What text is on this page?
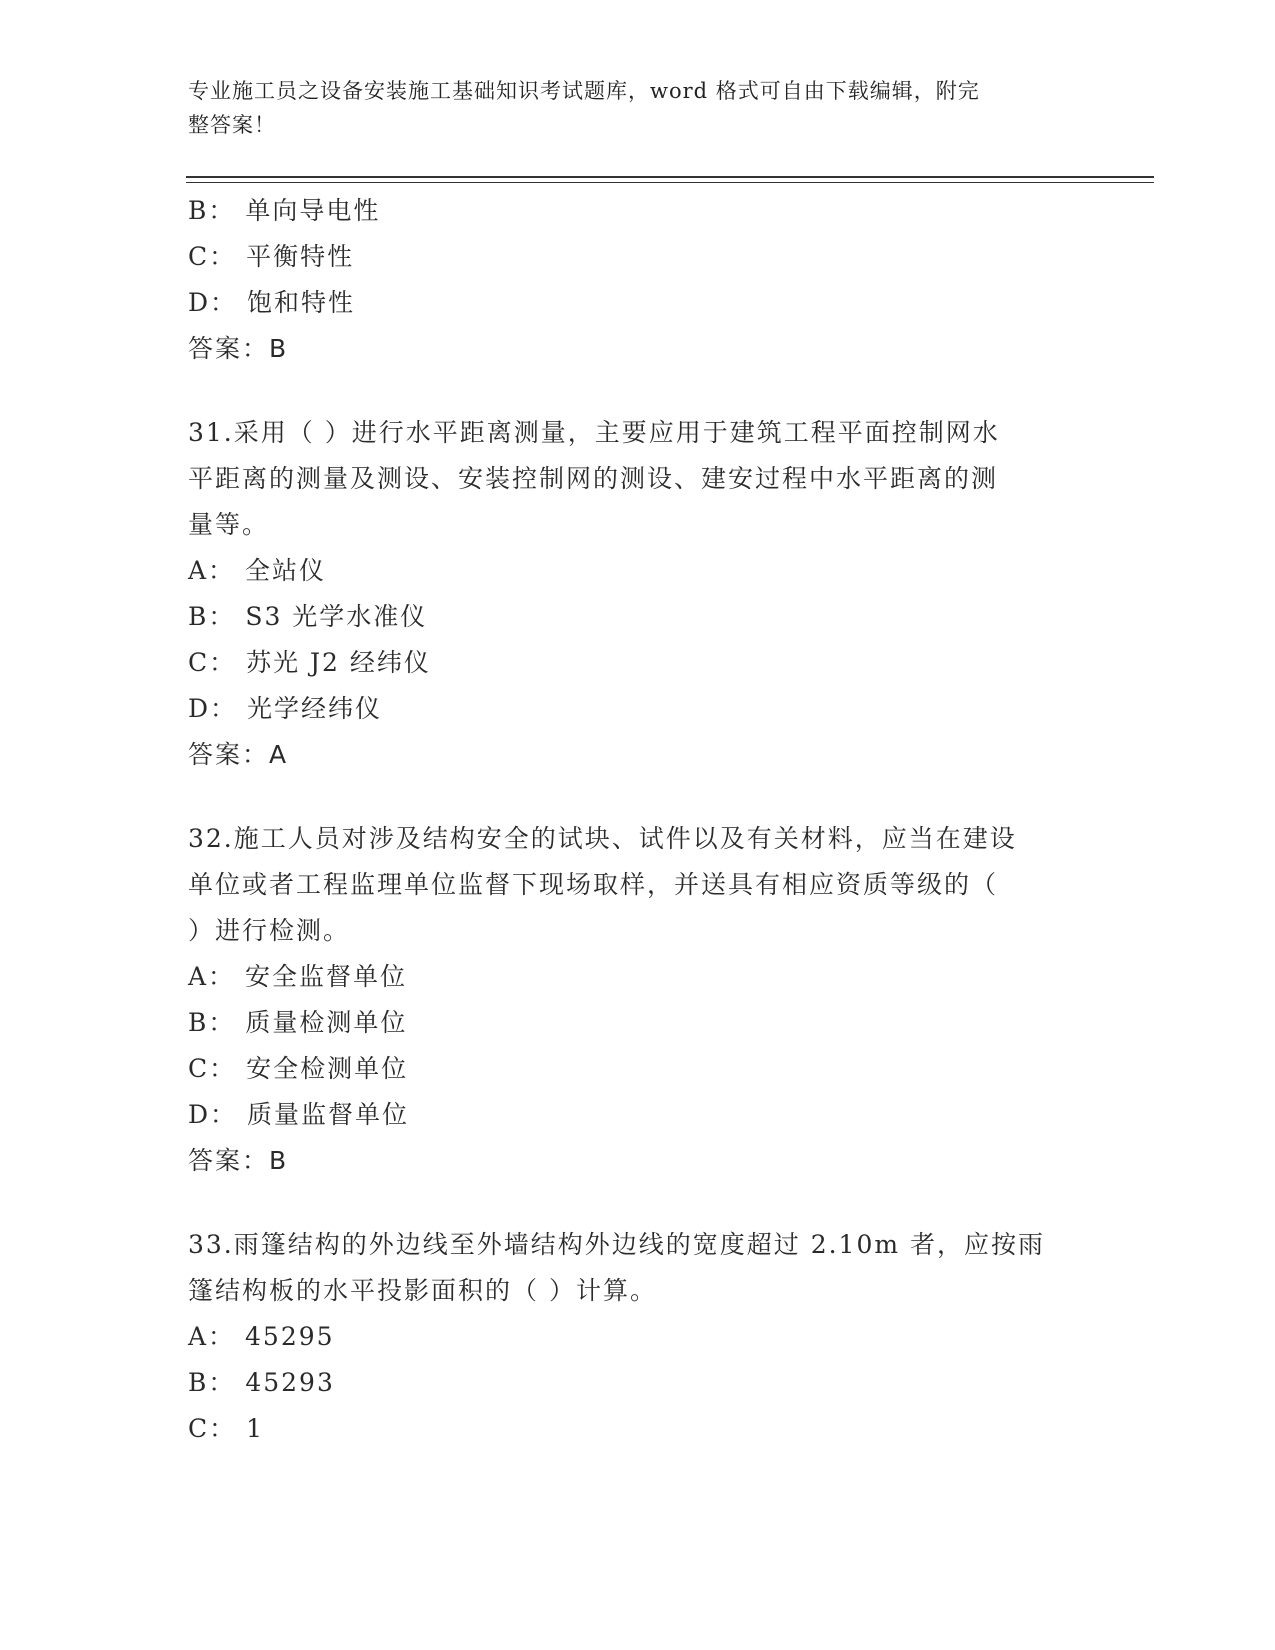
专业施工员之设备安装施工基础知识考试题库，word 格式可自由下载编辑，附完
整答案！
B： 单向导电性
C： 平衡特性
D： 饱和特性
答案：B
31.采用（ ）进行水平距离测量，主要应用于建筑工程平面控制网水
平距离的测量及测设、安装控制网的测设、建安过程中水平距离的测
量等。
A： 全站仪
B： S3 光学水准仪
C： 苏光 J2 经纬仪
D： 光学经纬仪
答案：A
32.施工人员对涉及结构安全的试块、试件以及有关材料，应当在建设
单位或者工程监理单位监督下现场取样，并送具有相应资质等级的（
）进行检测。
A： 安全监督单位
B： 质量检测单位
C： 安全检测单位
D： 质量监督单位
答案：B
33.雨篷结构的外边线至外墙结构外边线的宽度超过 2.10m 者，应按雨
篷结构板的水平投影面积的（ ）计算。
A： 45295
B： 45293
C： 1
